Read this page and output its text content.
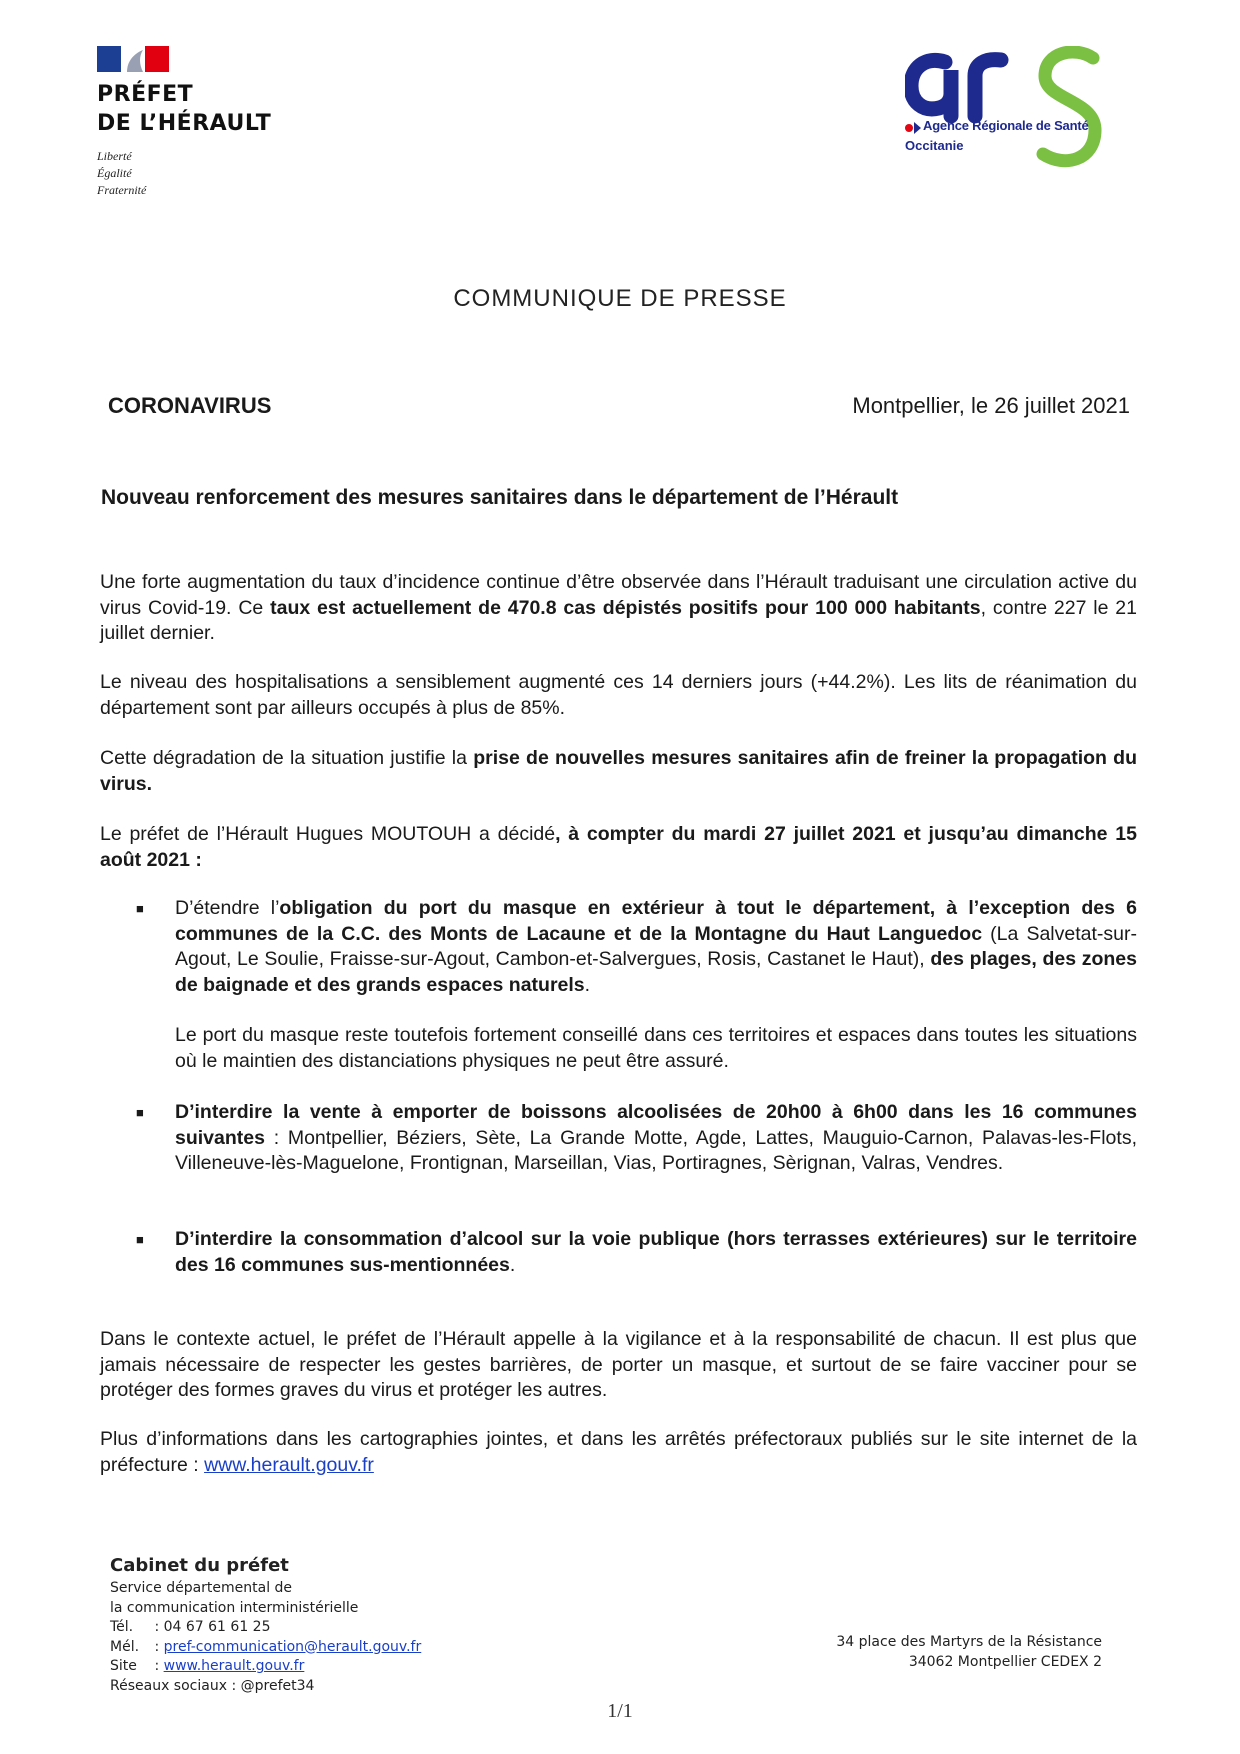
PRÉFET
DE L’HÉRAULT
Liberté
Égalité
Fraternité
Agence Régionale de Santé
Occitanie
COMMUNIQUE DE PRESSE
CORONAVIRUS	Montpellier, le 26 juillet 2021
Nouveau renforcement des mesures sanitaires dans le département de l’Hérault
Une forte augmentation du taux d’incidence continue d’être observée dans l’Hérault traduisant une circulation active du virus Covid-19. Ce taux est actuellement de 470.8 cas dépistés positifs pour 100 000 habitants, contre 227 le 21 juillet dernier.
Le niveau des hospitalisations a sensiblement augmenté ces 14 derniers jours (+44.2%). Les lits de réanimation du département sont par ailleurs occupés à plus de 85%.
Cette dégradation de la situation justifie la prise de nouvelles mesures sanitaires afin de freiner la propagation du virus.
Le préfet de l’Hérault Hugues MOUTOUH a décidé, à compter du mardi 27 juillet 2021 et jusqu’au dimanche 15 août 2021 :
■ D’étendre l’obligation du port du masque en extérieur à tout le département, à l’exception des 6 communes de la C.C. des Monts de Lacaune et de la Montagne du Haut Languedoc (La Salvetat-sur-Agout, Le Soulie, Fraisse-sur-Agout, Cambon-et-Salvergues, Rosis, Castanet le Haut), des plages, des zones de baignade et des grands espaces naturels.
Le port du masque reste toutefois fortement conseillé dans ces territoires et espaces dans toutes les situations où le maintien des distanciations physiques ne peut être assuré.
■ D’interdire la vente à emporter de boissons alcoolisées de 20h00 à 6h00 dans les 16 communes suivantes : Montpellier, Béziers, Sète, La Grande Motte, Agde, Lattes, Mauguio-Carnon, Palavas-les-Flots, Villeneuve-lès-Maguelone, Frontignan, Marseillan, Vias, Portiragnes, Sèrignan, Valras, Vendres.
■ D’interdire la consommation d’alcool sur la voie publique (hors terrasses extérieures) sur le territoire des 16 communes sus-mentionnées.
Dans le contexte actuel, le préfet de l’Hérault appelle à la vigilance et à la responsabilité de chacun. Il est plus que jamais nécessaire de respecter les gestes barrières, de porter un masque, et surtout de se faire vacciner pour se protéger des formes graves du virus et protéger les autres.
Plus d’informations dans les cartographies jointes, et dans les arrêtés préfectoraux publiés sur le site internet de la préfecture : www.herault.gouv.fr
Cabinet du préfet
Service départemental de
la communication interministérielle
Tél. : 04 67 61 61 25
Mél. : pref-communication@herault.gouv.fr
Site : www.herault.gouv.fr
Réseaux sociaux : @prefet34
34 place des Martyrs de la Résistance
34062 Montpellier CEDEX 2
1/1
